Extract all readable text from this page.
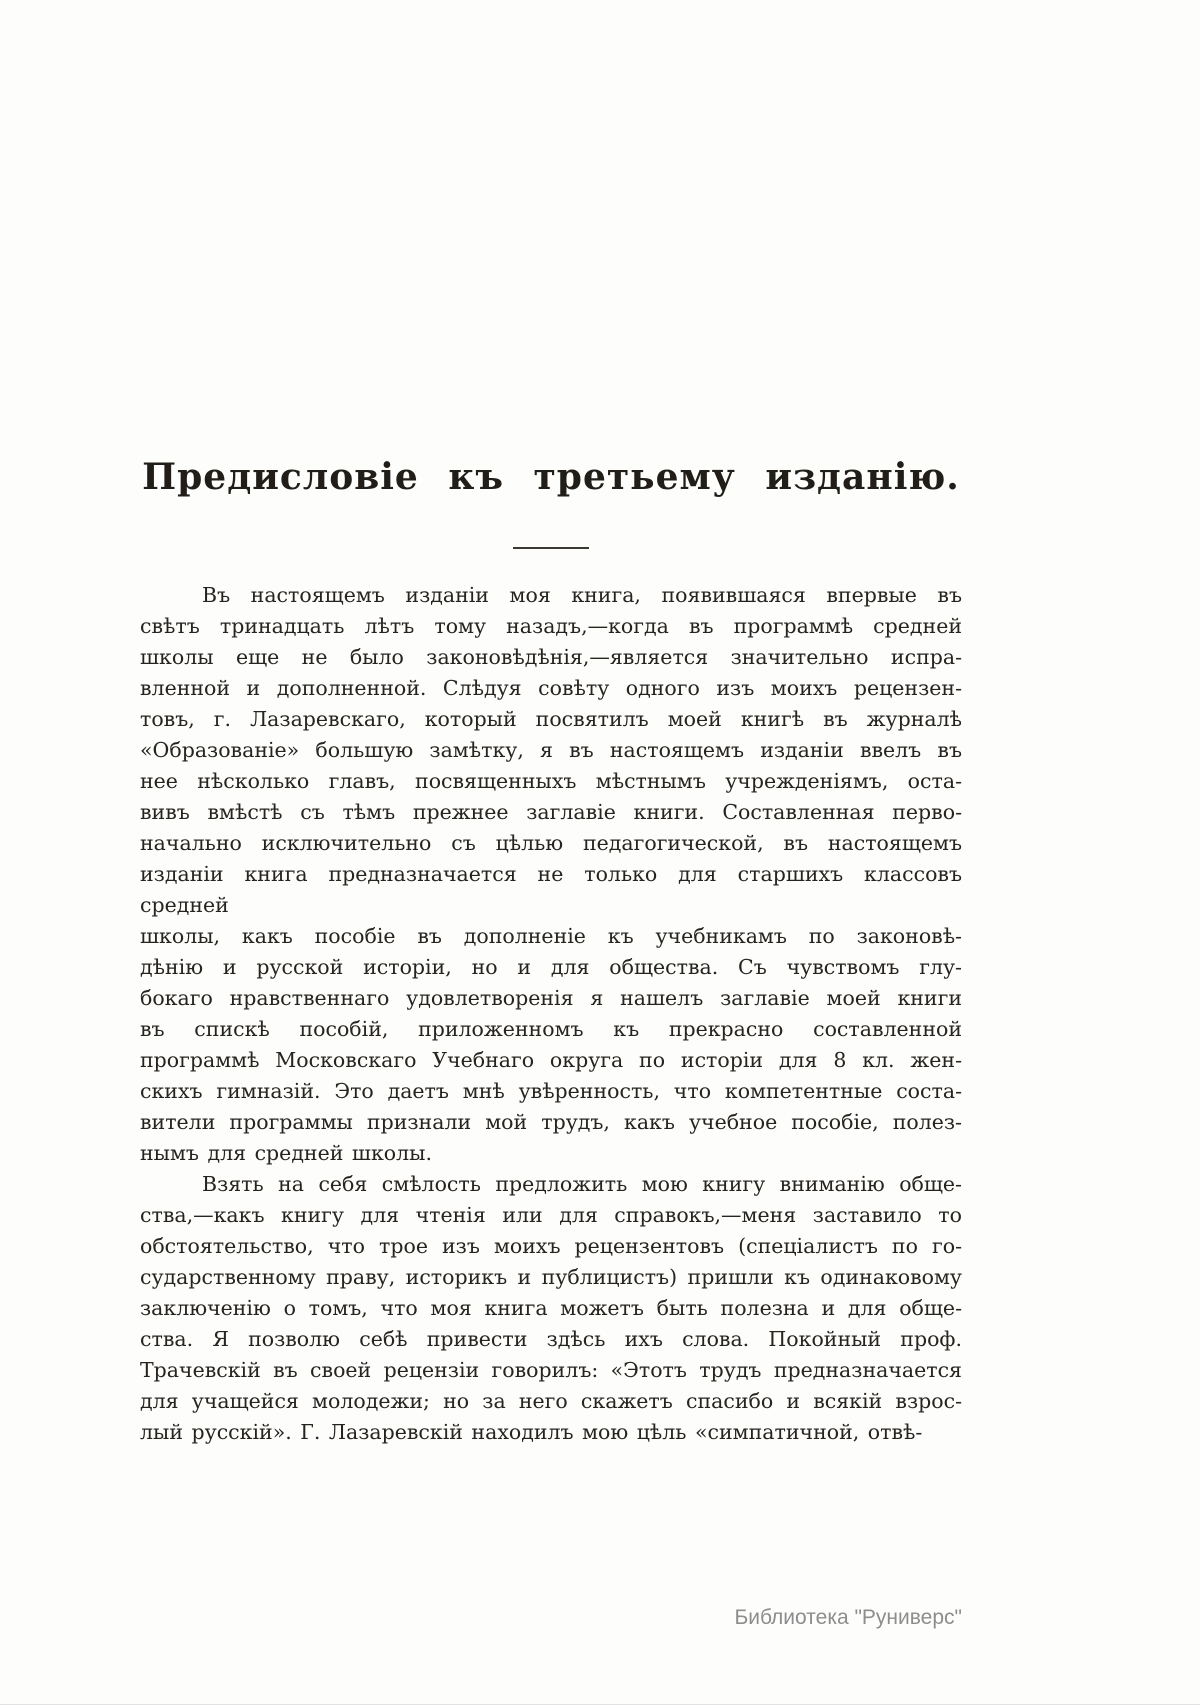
Предисловіе къ третьему изданію.
Въ настоящемъ изданіи моя книга, появившаяся впервые въ
свѣтъ тринадцать лѣтъ тому назадъ,—когда въ программѣ средней
школы еще не было законовѣдѣнія,—является значительно испра-
вленной и дополненной. Слѣдуя совѣту одного изъ моихъ рецензен-
товъ, г. Лазаревскаго, который посвятилъ моей книгѣ въ журналѣ
«Образованіе» большую замѣтку, я въ настоящемъ изданіи ввелъ въ
нее нѣсколько главъ, посвященныхъ мѣстнымъ учрежденіямъ, оста-
вивъ вмѣстѣ съ тѣмъ прежнее заглавіе книги. Составленная перво-
начально исключительно съ цѣлью педагогической, въ настоящемъ
изданіи книга предназначается не только для старшихъ классовъ средней
школы, какъ пособіе въ дополненіе къ учебникамъ по законовѣ-
дѣнію и русской исторіи, но и для общества. Съ чувствомъ глу-
бокаго нравственнаго удовлетворенія я нашелъ заглавіе моей книги
въ спискѣ пособій, приложенномъ къ прекрасно составленной
программѣ Московскаго Учебнаго округа по исторіи для 8 кл. жен-
скихъ гимназій. Это даетъ мнѣ увѣренность, что компетентные соста-
вители программы признали мой трудъ, какъ учебное пособіе, полез-
нымъ для средней школы.
Взять на себя смѣлость предложить мою книгу вниманію обще-
ства,—какъ книгу для чтенія или для справокъ,—меня заставило то
обстоятельство, что трое изъ моихъ рецензентовъ (спеціалистъ по го-
сударственному праву, историкъ и публицистъ) пришли къ одинаковому
заключенію о томъ, что моя книга можетъ быть полезна и для обще-
ства. Я позволю себѣ привести здѣсь ихъ слова. Покойный проф.
Трачевскій въ своей рецензіи говорилъ: «Этотъ трудъ предназначается
для учащейся молодежи; но за него скажетъ спасибо и всякій взрос-
лый русскій». Г. Лазаревскій находилъ мою цѣль «симпатичной, отвѣ-
Библиотека "Руниверс"
